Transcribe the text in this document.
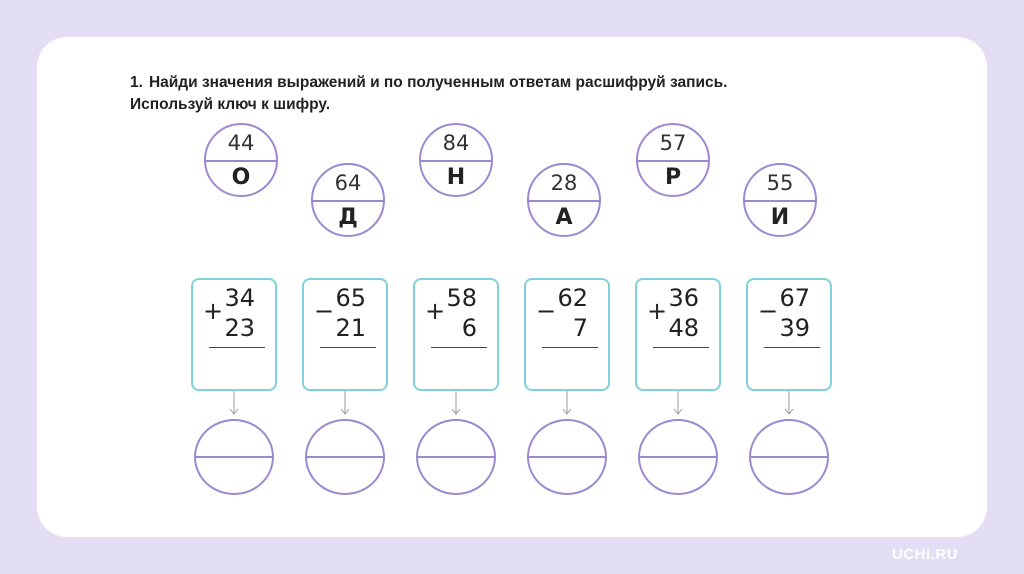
1. Найди значения выражений и по полученным ответам расшифруй запись.
Используй ключ к шифру.
44
О	64
Д
84
Н	28
А
57
Р	55
И
+ 34
23
− 65
21
+ 58
6
− 62
7
+ 36
48
− 67
39
UCHi.RU
